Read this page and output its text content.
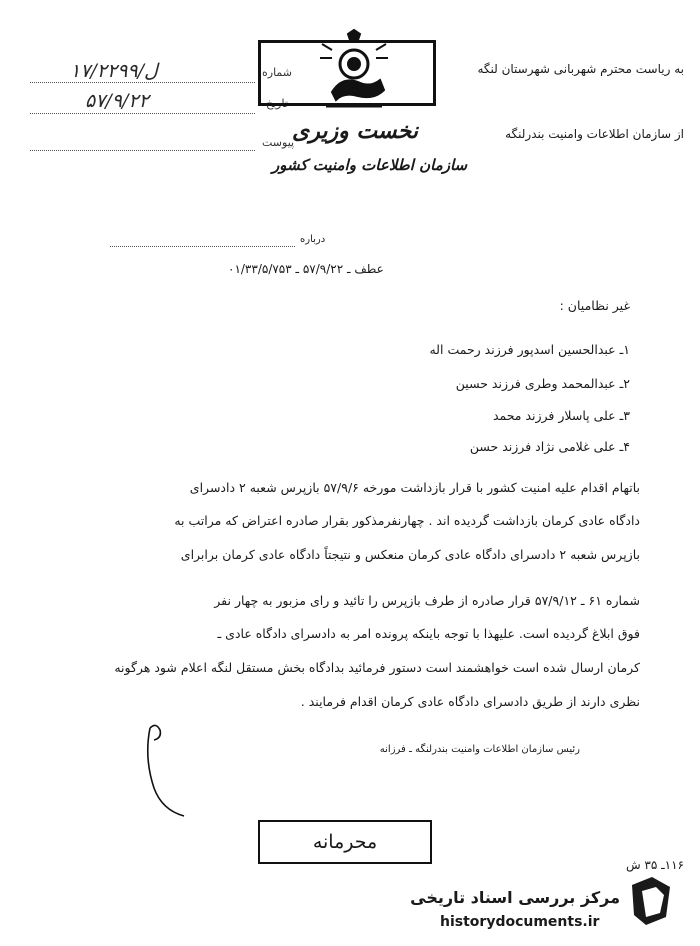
شماره
۱۷/۲۲۹۹/ل
تاریخ
۵۷/۹/۲۲
پیوست
به ریاست محترم شهربانی شهرستان لنگه
از سازمان اطلاعات وامنیت بندرلنگه
نخست وزیری
سازمان اطلاعات وامنیت کشور
درباره
عطف ـ ۵۷/۹/۲۲ ـ ۰۱/۳۳/۵/۷۵۳
غیر نظامیان :
۱ـ عبدالحسین اسدپور فرزند رحمت اله
۲ـ عبدالمحمد وطری فرزند حسین
۳ـ علی پاسلار فرزند محمد
۴ـ علی غلامی نژاد فرزند حسن
باتهام اقدام علیه امنیت کشور با قرار بازداشت مورخه ۵۷/۹/۶ بازپرس شعبه ۲ دادسرای
دادگاه عادی کرمان بازداشت گردیده اند . چهارنفرمذکور بقرار صادره اعتراض که مراتب به
بازپرس شعبه ۲ دادسرای دادگاه عادی کرمان منعکس و نتیجتاً دادگاه عادی کرمان برابرای
شماره ۶۱ ـ ۵۷/۹/۱۲ قرار صادره از طرف بازپرس را تائید و رای مزبور به چهار نفر
فوق ابلاغ گردیده است. علیهذا با توجه باینکه پرونده امر به دادسرای دادگاه عادی ـ
کرمان ارسال شده است خواهشمند است دستور فرمائید بدادگاه بخش مستقل لنگه اعلام شود هرگونه
نظری دارند از طریق دادسرای دادگاه عادی کرمان اقدام فرمایند .
رئیس سازمان اطلاعات وامنیت بندرلنگه ـ فرزانه
محرمانه
۱۱۶ـ ۳۵ ش
مرکز بررسی اسناد تاریخی
historydocuments.ir
